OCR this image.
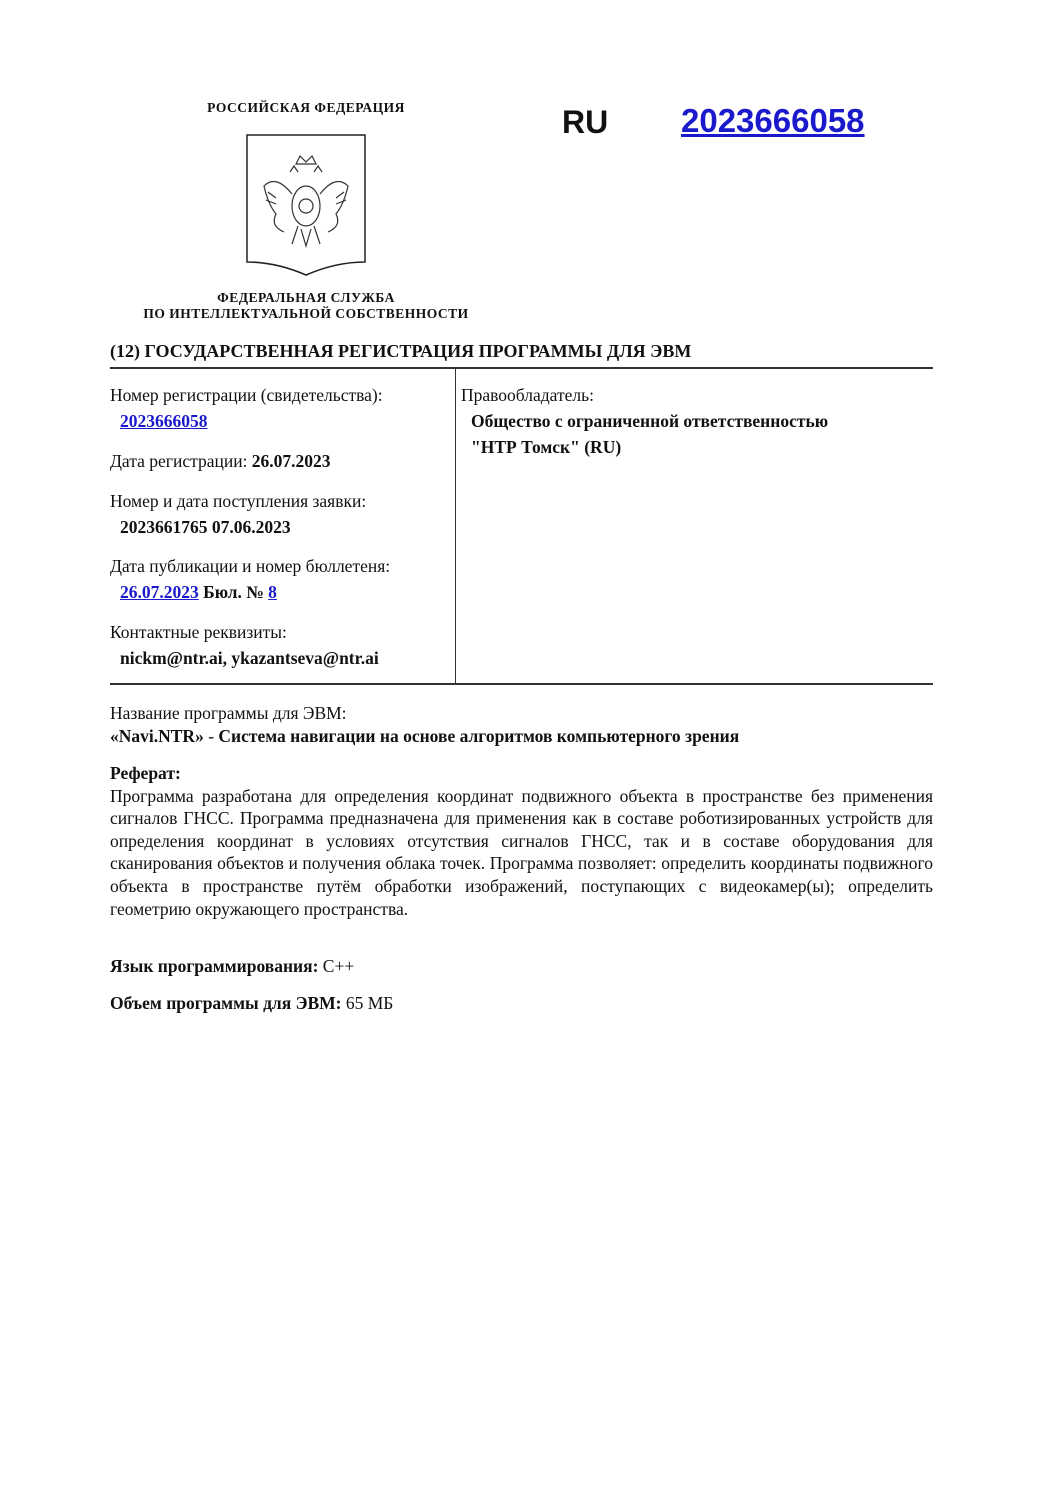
РОССИЙСКАЯ ФЕДЕРАЦИЯ	RU 2023666058
ФЕДЕРАЛЬНАЯ СЛУЖБА
ПО ИНТЕЛЛЕКТУАЛЬНОЙ СОБСТВЕННОСТИ
(12) ГОСУДАРСТВЕННАЯ РЕГИСТРАЦИЯ ПРОГРАММЫ ДЛЯ ЭВМ
Номер регистрации (свидетельства):
2023666058
Дата регистрации: 26.07.2023
Номер и дата поступления заявки:
2023661765 07.06.2023
Дата публикации и номер бюллетеня:
26.07.2023 Бюл. № 8
Контактные реквизиты:
nickm@ntr.ai, ykazantseva@ntr.ai
Правообладатель:
Общество с ограниченной ответственностью
"НТР Томск" (RU)
Название программы для ЭВМ:
«Navi.NTR» - Система навигации на основе алгоритмов компьютерного зрения
Реферат:
Программа разработана для определения координат подвижного объекта в пространстве без применения сигналов ГНСС. Программа предназначена для применения как в составе роботизированных устройств для определения координат в условиях отсутствия сигналов ГНСС, так и в составе оборудования для сканирования объектов и получения облака точек. Программа позволяет: определить координаты подвижного объекта в пространстве путём обработки изображений, поступающих с видеокамер(ы); определить геометрию окружающего пространства.
Язык программирования: C++
Объем программы для ЭВМ: 65 МБ
